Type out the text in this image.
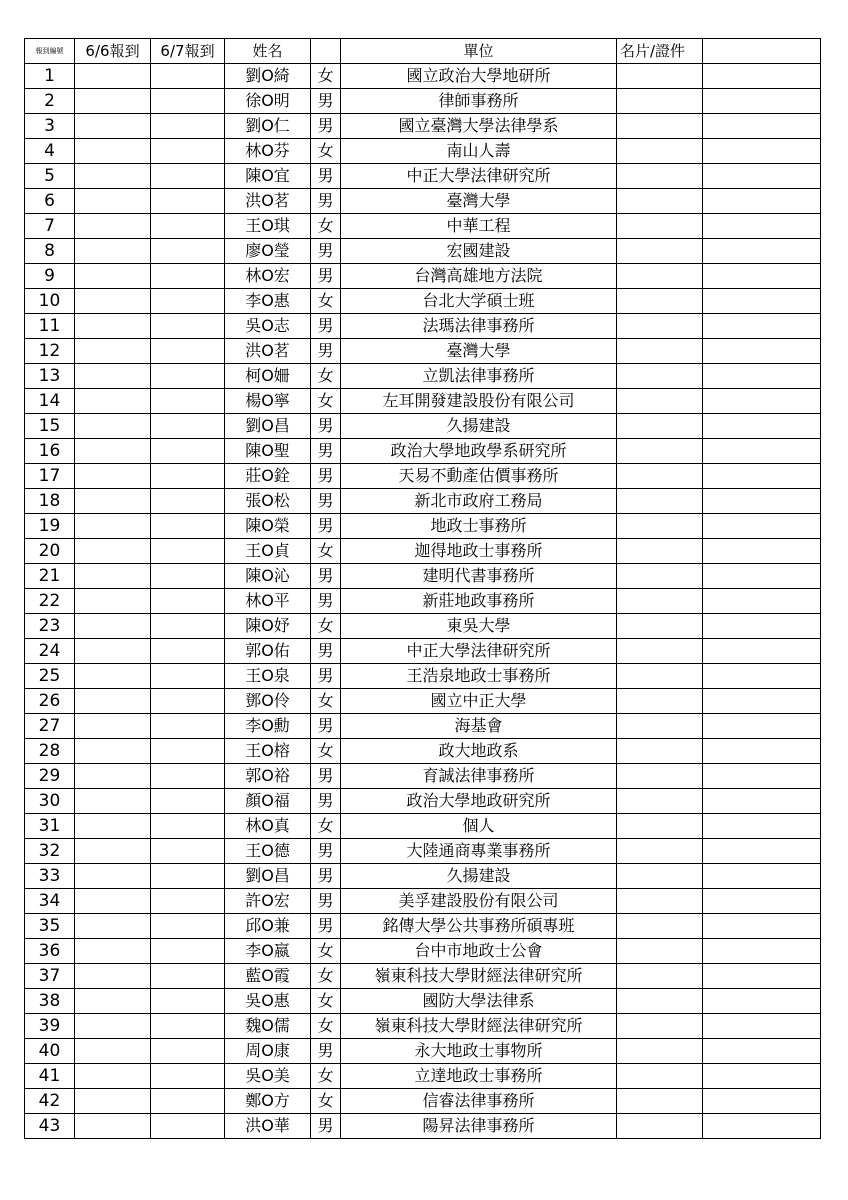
報到編號	6/6報到	6/7報到	姓名		單位	名片/證件	
1			劉O綺	女	國立政治大學地研所		
2			徐O明	男	律師事務所		
3			劉O仁	男	國立臺灣大學法律學系		
4			林O芬	女	南山人壽		
5			陳O宜	男	中正大學法律研究所		
6			洪O茗	男	臺灣大學		
7			王O琪	女	中華工程		
8			廖O瑩	男	宏國建設		
9			林O宏	男	台灣高雄地方法院		
10			李O惠	女	台北大学碩士班		
11			吳O志	男	法瑪法律事務所		
12			洪O茗	男	臺灣大學		
13			柯O姍	女	立凱法律事務所		
14			楊O寧	女	左耳開發建設股份有限公司		
15			劉O昌	男	久揚建設		
16			陳O聖	男	政治大學地政學系研究所		
17			莊O銓	男	天易不動產估價事務所		
18			張O松	男	新北市政府工務局		
19			陳O榮	男	地政士事務所		
20			王O貞	女	迦得地政士事務所		
21			陳O沁	男	建明代書事務所		
22			林O平	男	新莊地政事務所		
23			陳O妤	女	東吳大學		
24			郭O佑	男	中正大學法律研究所		
25			王O泉	男	王浩泉地政士事務所		
26			鄧O伶	女	國立中正大學		
27			李O勳	男	海基會		
28			王O榕	女	政大地政系		
29			郭O裕	男	育誠法律事務所		
30			顏O福	男	政治大學地政研究所		
31			林O真	女	個人		
32			王O德	男	大陸通商專業事務所		
33			劉O昌	男	久揚建設		
34			許O宏	男	美孚建設股份有限公司		
35			邱O兼	男	銘傳大學公共事務所碩專班		
36			李O嬴	女	台中市地政士公會		
37			藍O霞	女	嶺東科技大學財經法律研究所		
38			吳O惠	女	國防大學法律系		
39			魏O儒	女	嶺東科技大學財經法律研究所		
40			周O康	男	永大地政士事物所		
41			吳O美	女	立達地政士事務所		
42			鄭O方	女	信睿法律事務所		
43			洪O華	男	陽昇法律事務所		
